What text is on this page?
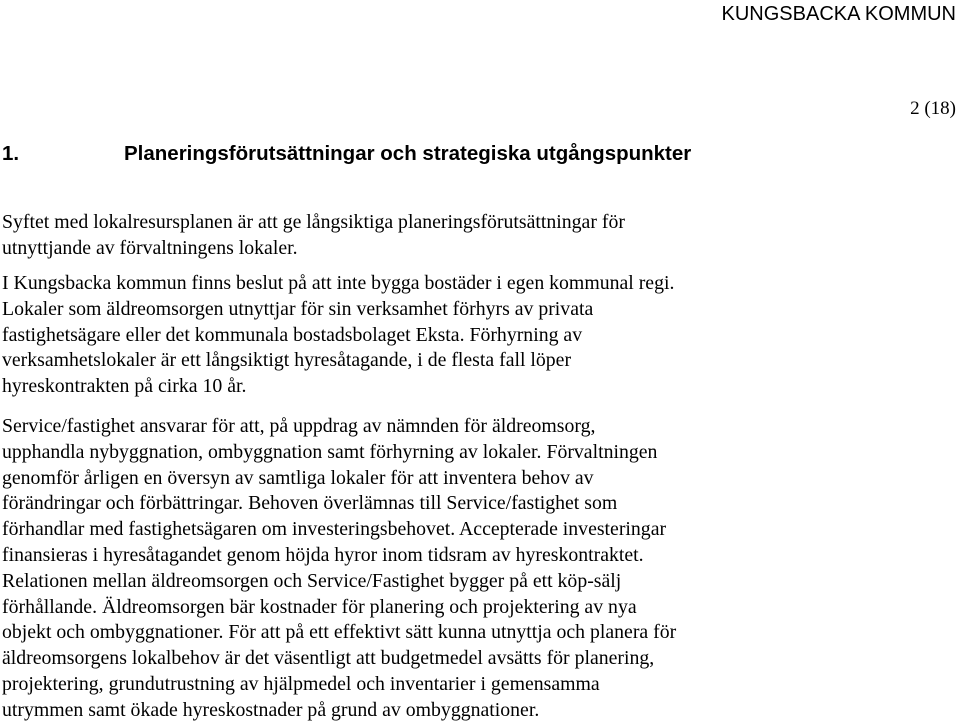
KUNGSBACKA KOMMUN
2 (18)
1.	Planeringsförutsättningar och strategiska utgångspunkter
Syftet med lokalresursplanen är att ge långsiktiga planeringsförutsättningar för
utnyttjande av förvaltningens lokaler.
I Kungsbacka kommun finns beslut på att inte bygga bostäder i egen kommunal regi.
Lokaler som äldreomsorgen utnyttjar för sin verksamhet förhyrs av privata
fastighetsägare eller det kommunala bostadsbolaget Eksta. Förhyrning av
verksamhetslokaler är ett långsiktigt hyresåtagande, i de flesta fall löper
hyreskontrakten på cirka 10 år.
Service/fastighet ansvarar för att, på uppdrag av nämnden för äldreomsorg,
upphandla nybyggnation, ombyggnation samt förhyrning av lokaler. Förvaltningen
genomför årligen en översyn av samtliga lokaler för att inventera behov av
förändringar och förbättringar. Behoven överlämnas till Service/fastighet som
förhandlar med fastighetsägaren om investeringsbehovet. Accepterade investeringar
finansieras i hyresåtagandet genom höjda hyror inom tidsram av hyreskontraktet.
Relationen mellan äldreomsorgen och Service/Fastighet bygger på ett köp-sälj
förhållande. Äldreomsorgen bär kostnader för planering och projektering av nya
objekt och ombyggnationer. För att på ett effektivt sätt kunna utnyttja och planera för
äldreomsorgens lokalbehov är det väsentligt att budgetmedel avsätts för planering,
projektering, grundutrustning av hjälpmedel och inventarier i gemensamma
utrymmen samt ökade hyreskostnader på grund av ombyggnationer.
